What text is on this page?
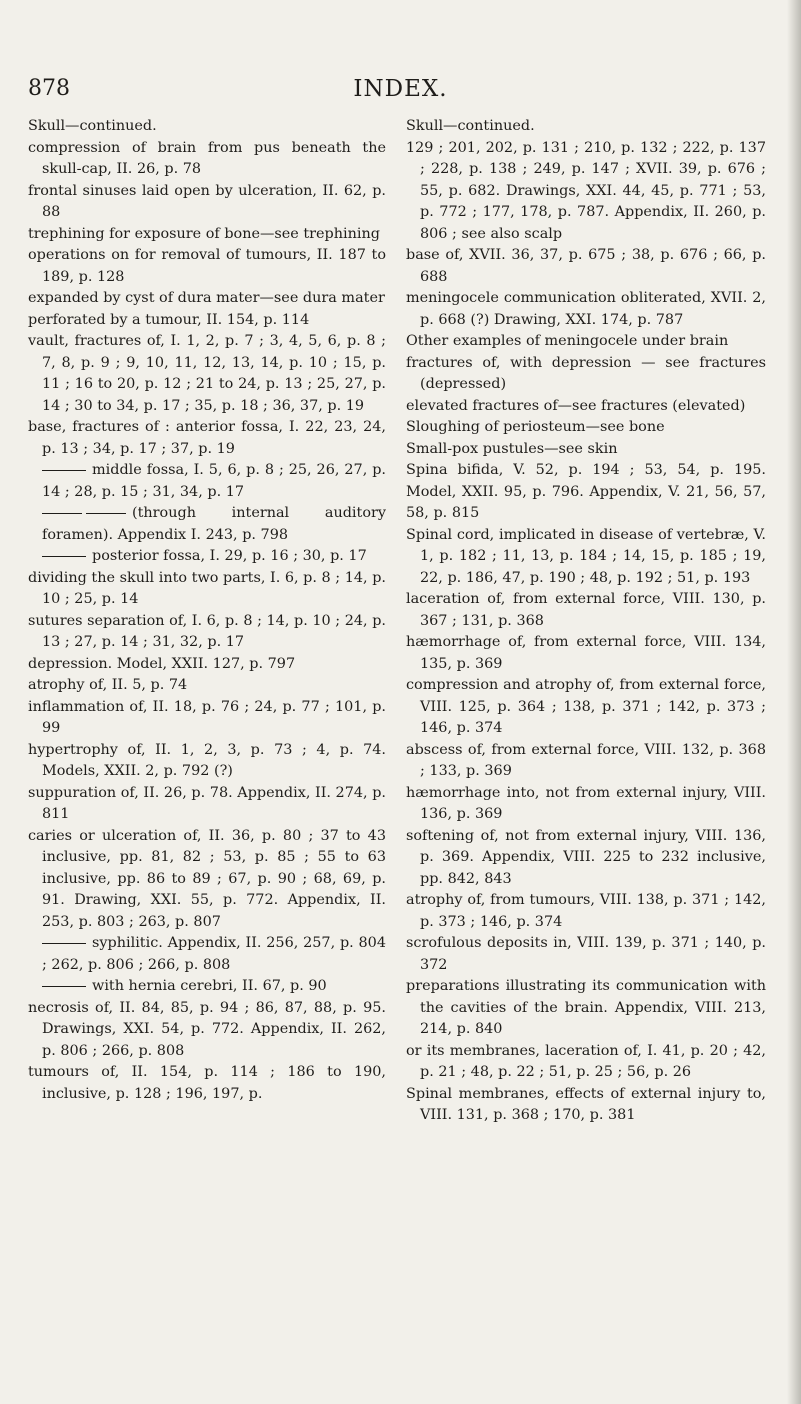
878	INDEX.
Skull—continued.
compression of brain from pus beneath the skull-cap, II. 26, p. 78
frontal sinuses laid open by ulceration, II. 62, p. 88
trephining for exposure of bone—see trephining
operations on for removal of tumours, II. 187 to 189, p. 128
expanded by cyst of dura mater—see dura mater
perforated by a tumour, II. 154, p. 114
vault, fractures of, I. 1, 2, p. 7 ; 3, 4, 5, 6, p. 8 ; 7, 8, p. 9 ; 9, 10, 11, 12, 13, 14, p. 10 ; 15, p. 11 ; 16 to 20, p. 12 ; 21 to 24, p. 13 ; 25, 27, p. 14 ; 30 to 34, p. 17 ; 35, p. 18 ; 36, 37, p. 19
base, fractures of : anterior fossa, I. 22, 23, 24, p. 13 ; 34, p. 17 ; 37, p. 19
middle fossa, I. 5, 6, p. 8 ; 25, 26, 27, p. 14 ; 28, p. 15 ; 31, 34, p. 17
(through internal auditory foramen). Appendix I. 243, p. 798
posterior fossa, I. 29, p. 16 ; 30, p. 17
dividing the skull into two parts, I. 6, p. 8 ; 14, p. 10 ; 25, p. 14
sutures separation of, I. 6, p. 8 ; 14, p. 10 ; 24, p. 13 ; 27, p. 14 ; 31, 32, p. 17
depression. Model, XXII. 127, p. 797
atrophy of, II. 5, p. 74
inflammation of, II. 18, p. 76 ; 24, p. 77 ; 101, p. 99
hypertrophy of, II. 1, 2, 3, p. 73 ; 4, p. 74. Models, XXII. 2, p. 792 (?)
suppuration of, II. 26, p. 78. Appendix, II. 274, p. 811
caries or ulceration of, II. 36, p. 80 ; 37 to 43 inclusive, pp. 81, 82 ; 53, p. 85 ; 55 to 63 inclusive, pp. 86 to 89 ; 67, p. 90 ; 68, 69, p. 91. Drawing, XXI. 55, p. 772. Appendix, II. 253, p. 803 ; 263, p. 807
syphilitic. Appendix, II. 256, 257, p. 804 ; 262, p. 806 ; 266, p. 808
with hernia cerebri, II. 67, p. 90
necrosis of, II. 84, 85, p. 94 ; 86, 87, 88, p. 95. Drawings, XXI. 54, p. 772. Appendix, II. 262, p. 806 ; 266, p. 808
tumours of, II. 154, p. 114 ; 186 to 190, inclusive, p. 128 ; 196, 197, p.
Skull—continued.
129 ; 201, 202, p. 131 ; 210, p. 132 ; 222, p. 137 ; 228, p. 138 ; 249, p. 147 ; XVII. 39, p. 676 ; 55, p. 682. Drawings, XXI. 44, 45, p. 771 ; 53, p. 772 ; 177, 178, p. 787. Appendix, II. 260, p. 806 ; see also scalp
base of, XVII. 36, 37, p. 675 ; 38, p. 676 ; 66, p. 688
meningocele communication obliterated, XVII. 2, p. 668 (?) Drawing, XXI. 174, p. 787
Other examples of meningocele under brain
fractures of, with depression — see fractures (depressed)
elevated fractures of—see fractures (elevated)
Sloughing of periosteum—see bone
Small-pox pustules—see skin
Spina bifida, V. 52, p. 194 ; 53, 54, p. 195. Model, XXII. 95, p. 796. Appendix, V. 21, 56, 57, 58, p. 815
Spinal cord, implicated in disease of vertebræ, V. 1, p. 182 ; 11, 13, p. 184 ; 14, 15, p. 185 ; 19, 22, p. 186, 47, p. 190 ; 48, p. 192 ; 51, p. 193
laceration of, from external force, VIII. 130, p. 367 ; 131, p. 368
hæmorrhage of, from external force, VIII. 134, 135, p. 369
compression and atrophy of, from external force, VIII. 125, p. 364 ; 138, p. 371 ; 142, p. 373 ; 146, p. 374
abscess of, from external force, VIII. 132, p. 368 ; 133, p. 369
hæmorrhage into, not from external injury, VIII. 136, p. 369
softening of, not from external injury, VIII. 136, p. 369. Appendix, VIII. 225 to 232 inclusive, pp. 842, 843
atrophy of, from tumours, VIII. 138, p. 371 ; 142, p. 373 ; 146, p. 374
scrofulous deposits in, VIII. 139, p. 371 ; 140, p. 372
preparations illustrating its communication with the cavities of the brain. Appendix, VIII. 213, 214, p. 840
or its membranes, laceration of, I. 41, p. 20 ; 42, p. 21 ; 48, p. 22 ; 51, p. 25 ; 56, p. 26
Spinal membranes, effects of external injury to, VIII. 131, p. 368 ; 170, p. 381
